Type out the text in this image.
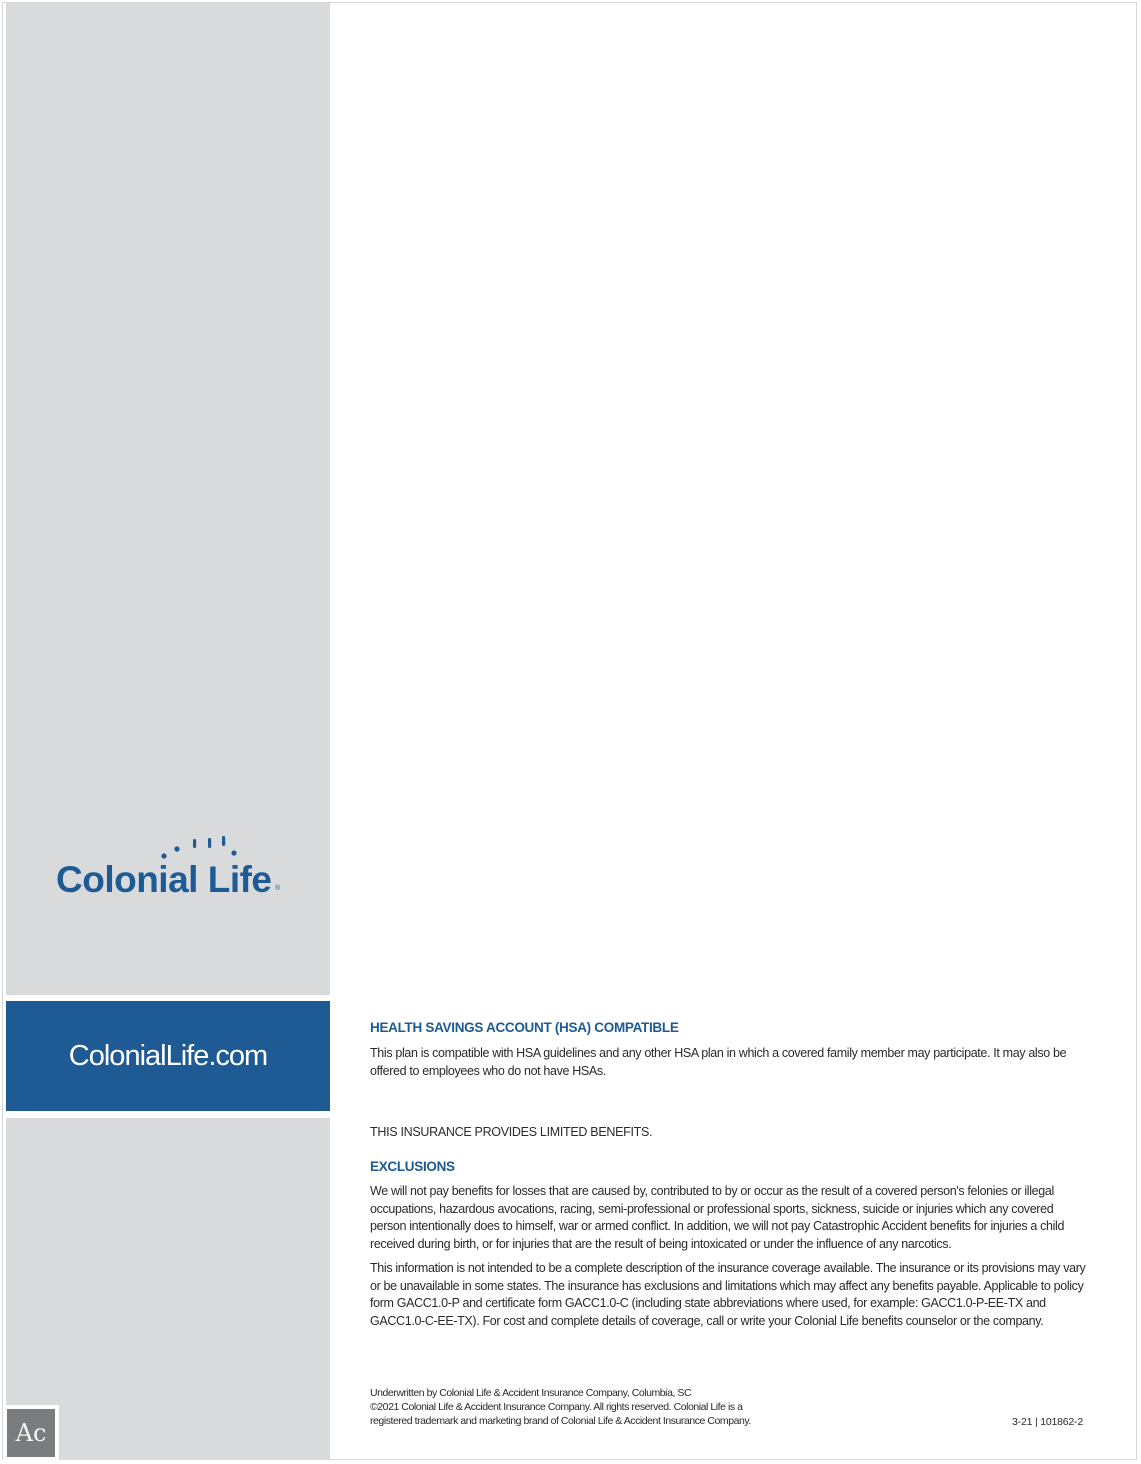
Colonial Life ®
ColonialLife.com
Ac
HEALTH SAVINGS ACCOUNT (HSA) COMPATIBLE

This plan is compatible with HSA guidelines and any other HSA plan in which a covered family member may participate. It may also be offered to employees who do not have HSAs.

THIS INSURANCE PROVIDES LIMITED BENEFITS.

EXCLUSIONS

We will not pay benefits for losses that are caused by, contributed to by or occur as the result of a covered person's felonies or illegal occupations, hazardous avocations, racing, semi-professional or professional sports, sickness, suicide or injuries which any covered person intentionally does to himself, war or armed conflict. In addition, we will not pay Catastrophic Accident benefits for injuries a child received during birth, or for injuries that are the result of being intoxicated or under the influence of any narcotics.

This information is not intended to be a complete description of the insurance coverage available. The insurance or its provisions may vary or be unavailable in some states. The insurance has exclusions and limitations which may affect any benefits payable. Applicable to policy form GACC1.0-P and certificate form GACC1.0-C (including state abbreviations where used, for example: GACC1.0-P-EE-TX and GACC1.0-C-EE-TX). For cost and complete details of coverage, call or write your Colonial Life benefits counselor or the company.

Underwritten by Colonial Life & Accident Insurance Company, Columbia, SC
©2021 Colonial Life & Accident Insurance Company. All rights reserved. Colonial Life is a
registered trademark and marketing brand of Colonial Life & Accident Insurance Company.	3-21 | 101862-2
